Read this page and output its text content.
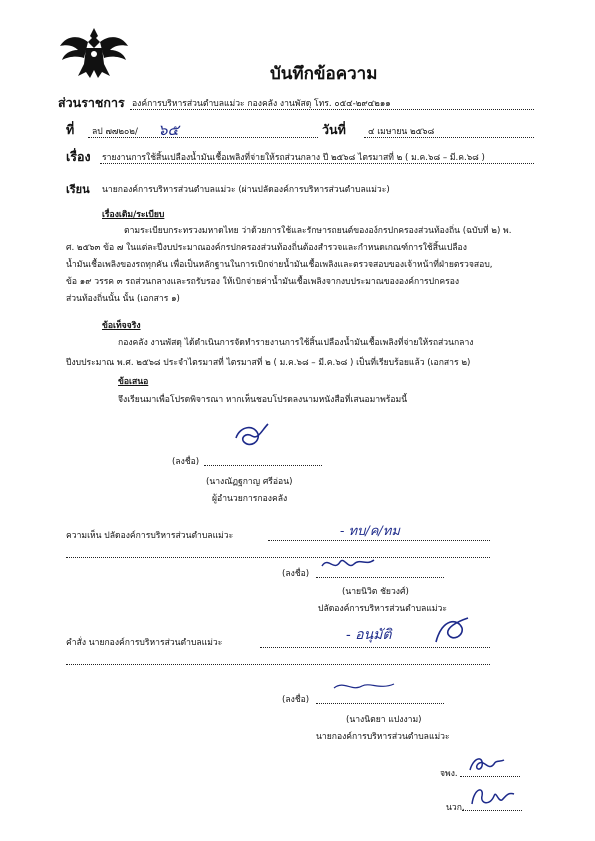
บันทึกข้อความ
ส่วนราชการ องค์การบริหารส่วนตำบลแม่วะ กองคลัง งานพัสดุ โทร. ๐๕๔-๒๙๔๒๑๑
ที่ ลป ๗๗๒๐๒/ ๖๕	วันที่	๔ เมษายน ๒๕๖๘
เรื่อง รายงานการใช้สิ้นเปลืองน้ำมันเชื้อเพลิงที่จ่ายให้รถส่วนกลาง ปี ๒๕๖๘ ไตรมาสที่ ๒ ( ม.ค.๖๘ – มี.ค.๖๘ )
เรียน นายกองค์การบริหารส่วนตำบลแม่วะ (ผ่านปลัดองค์การบริหารส่วนตำบลแม่วะ)
เรื่องเดิม/ระเบียบ
ตามระเบียบกระทรวงมหาดไทย ว่าด้วยการใช้และรักษารถยนต์ขององ์กรปกครองส่วนท้องถิ่น (ฉบับที่ ๒) พ.
ศ. ๒๕๖๓ ข้อ ๗ ในแต่ละปีงบประมาณองค์กรปกครองส่วนท้องถิ่นต้องสำรวจและกำหนดเกณฑ์การใช้สิ้นเปลือง
น้ำมันเชื้อเพลิงของรถทุกคัน เพื่อเป็นหลักฐานในการเบิกจ่ายน้ำมันเชื้อเพลิงและตรวจสอบของเจ้าหน้าที่ฝ่ายตรวจสอบ,
ข้อ ๑๙ วรรค ๓ รถส่วนกลางและรถรับรอง ให้เบิกจ่ายค่าน้ำมันเชื้อเพลิงจากงบประมาณขององค์การปกครอง
ส่วนท้องถิ่นนั้น นั้น (เอกสาร ๑)
ข้อเท็จจริง
กองคลัง งานพัสดุ ได้ดำเนินการจัดทำรายงานการใช้สิ้นเปลืองน้ำมันเชื้อเพลิงที่จ่ายให้รถส่วนกลาง
ปีงบประมาณ พ.ศ. ๒๕๖๘ ประจำไตรมาสที่ ไตรมาสที่ ๒ ( ม.ค.๖๘ – มี.ค.๖๘ ) เป็นที่เรียบร้อยแล้ว (เอกสาร ๒)
ข้อเสนอ
จึงเรียนมาเพื่อโปรดพิจารณา หากเห็นชอบโปรดลงนามหนังสือที่เสนอมาพร้อมนี้
(ลงชื่อ)
(นางณัฏฐกาญ ศรีอ่อน)
ผู้อำนวยการกองคลัง
ความเห็น ปลัดองค์การบริหารส่วนตำบลแม่วะ	- ทบ/ค/ทม
(ลงชื่อ)
(นายนิวิต ชัยวงศ์)
ปลัดองค์การบริหารส่วนตำบลแม่วะ
คำสั่ง นายกองค์การบริหารส่วนตำบลแม่วะ	- อนุมัติ
(ลงชื่อ)
(นางนิตยา แปงงาม)
นายกองค์การบริหารส่วนตำบลแม่วะ
จพง.
นวก.
